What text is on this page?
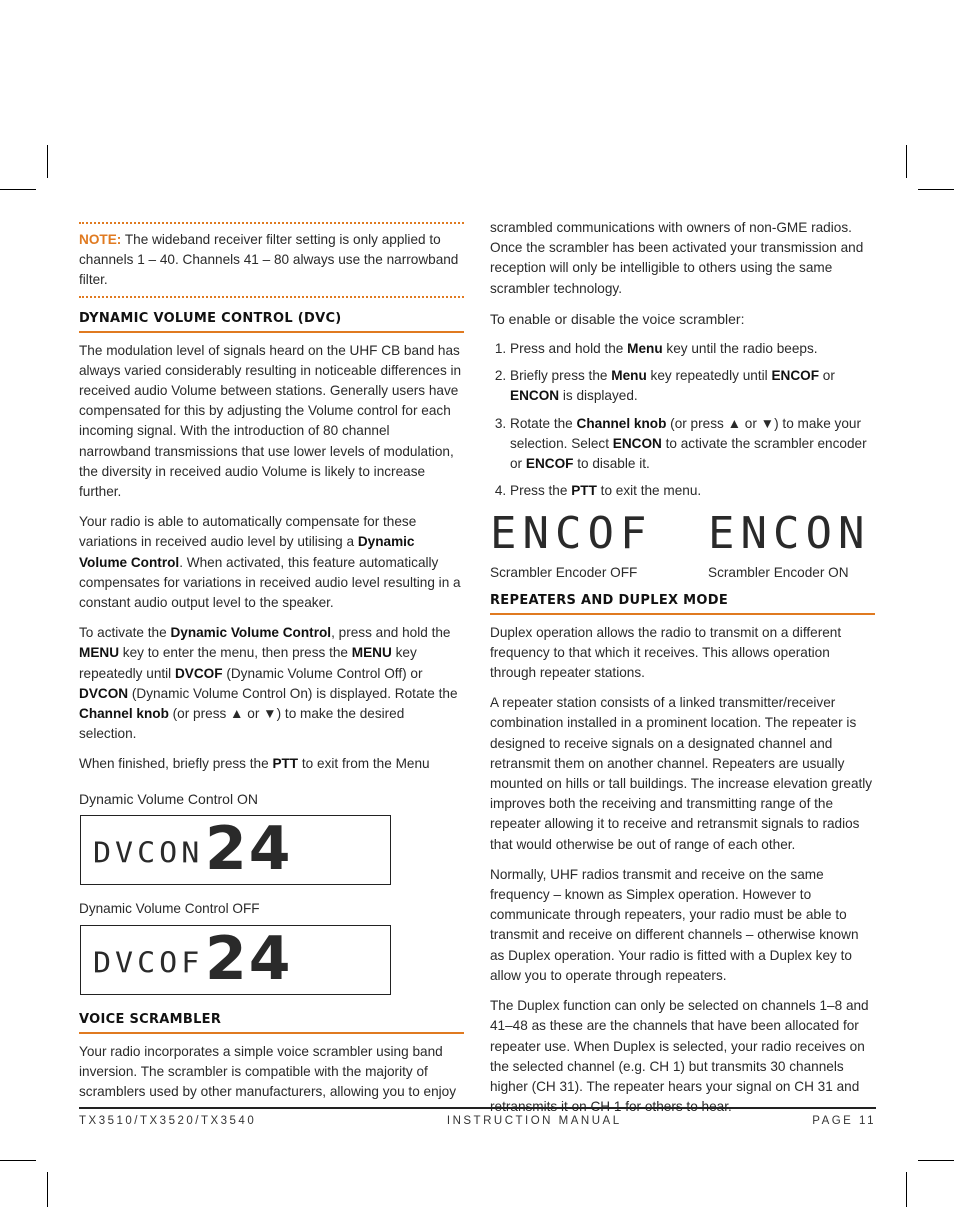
NOTE: The wideband receiver filter setting is only applied to channels 1 – 40. Channels 41 – 80 always use the narrowband filter.
DYNAMIC VOLUME CONTROL (DVC)

The modulation level of signals heard on the UHF CB band has always varied considerably resulting in noticeable differences in received audio Volume between stations. Generally users have compensated for this by adjusting the Volume control for each incoming signal. With the introduction of 80 channel narrowband transmissions that use lower levels of modulation, the diversity in received audio Volume is likely to increase further.

Your radio is able to automatically compensate for these variations in received audio level by utilising a Dynamic Volume Control. When activated, this feature automatically compensates for variations in received audio level resulting in a constant audio output level to the speaker.

To activate the Dynamic Volume Control, press and hold the MENU key to enter the menu, then press the MENU key repeatedly until DVCOF (Dynamic Volume Control Off) or DVCON (Dynamic Volume Control On) is displayed. Rotate the Channel knob (or press ▲ or ▼) to make the desired selection.

When finished, briefly press the PTT to exit from the Menu

Dynamic Volume Control ON

DVCON 24

Dynamic Volume Control OFF

DVCOF 24
VOICE SCRAMBLER

Your radio incorporates a simple voice scrambler using band inversion. The scrambler is compatible with the majority of scramblers used by other manufacturers, allowing you to enjoy

scrambled communications with owners of non-GME radios. Once the scrambler has been activated your transmission and reception will only be intelligible to others using the same scrambler technology.

To enable or disable the voice scrambler:

1. Press and hold the Menu key until the radio beeps.
2. Briefly press the Menu key repeatedly until ENCOF or ENCON is displayed.
3. Rotate the Channel knob (or press ▲ or ▼) to make your selection. Select ENCON to activate the scrambler encoder or ENCOF to disable it.
4. Press the PTT to exit the menu.
ENCOF ENCON
Scrambler Encoder OFF	Scrambler Encoder ON
REPEATERS AND DUPLEX MODE

Duplex operation allows the radio to transmit on a different frequency to that which it receives. This allows operation through repeater stations.

A repeater station consists of a linked transmitter/receiver combination installed in a prominent location. The repeater is designed to receive signals on a designated channel and retransmit them on another channel. Repeaters are usually mounted on hills or tall buildings. The increase elevation greatly improves both the receiving and transmitting range of the repeater allowing it to receive and retransmit signals to radios that would otherwise be out of range of each other.

Normally, UHF radios transmit and receive on the same frequency – known as Simplex operation. However to communicate through repeaters, your radio must be able to transmit and receive on different channels – otherwise known as Duplex operation. Your radio is fitted with a Duplex key to allow you to operate through repeaters.

The Duplex function can only be selected on channels 1–8 and 41–48 as these are the channels that have been allocated for repeater use. When Duplex is selected, your radio receives on the selected channel (e.g. CH 1) but transmits 30 channels higher (CH 31). The repeater hears your signal on CH 31 and retransmits it on CH 1 for others to hear.

TX3510/TX3520/TX3540	INSTRUCTION MANUAL	PAGE 11
